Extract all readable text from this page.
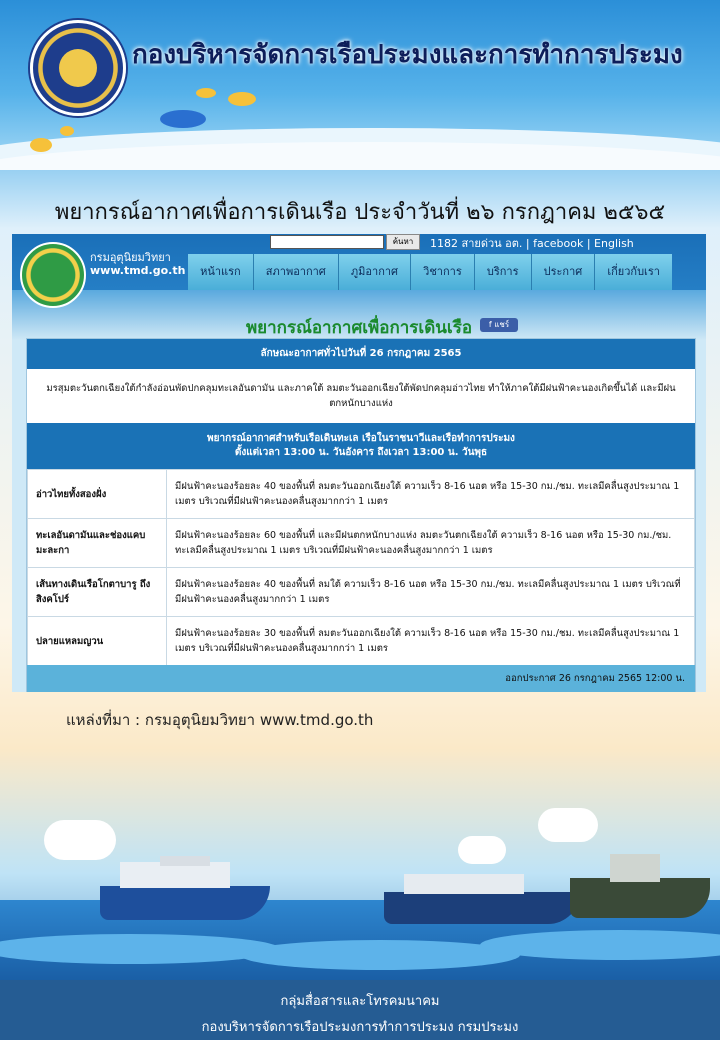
กองบริหารจัดการเรือประมงและการทำการประมง
พยากรณ์อากาศเพื่อการเดินเรือ ประจำวันที่ ๒๖ กรกฎาคม ๒๕๖๕
กรมอุตุนิยมวิทยา
www.tmd.go.th
ค้นหา	1182 สายด่วน อต. | facebook | English
หน้าแรก	สภาพอากาศ	ภูมิอากาศ	วิชาการ	บริการ	ประกาศ	เกี่ยวกับเรา
พยากรณ์อากาศเพื่อการเดินเรือ	f แชร์
ลักษณะอากาศทั่วไปวันที่ 26 กรกฎาคม 2565
มรสุมตะวันตกเฉียงใต้กำลังอ่อนพัดปกคลุมทะเลอันดามัน และภาคใต้ ลมตะวันออกเฉียงใต้พัดปกคลุมอ่าวไทย ทำให้ภาคใต้มีฝนฟ้าคะนองเกิดขึ้นได้ และมีฝนตกหนักบางแห่ง
พยากรณ์อากาศสำหรับเรือเดินทะเล เรือในราชนาวีและเรือทำการประมง
ตั้งแต่เวลา 13:00 น. วันอังคาร ถึงเวลา 13:00 น. วันพุธ
อ่าวไทยทั้งสองฝั่ง	มีฝนฟ้าคะนองร้อยละ 40 ของพื้นที่ ลมตะวันออกเฉียงใต้ ความเร็ว 8-16 นอต หรือ 15-30 กม./ชม. ทะเลมีคลื่นสูงประมาณ 1 เมตร บริเวณที่มีฝนฟ้าคะนองคลื่นสูงมากกว่า 1 เมตร
ทะเลอันดามันและช่องแคบมะละกา	มีฝนฟ้าคะนองร้อยละ 60 ของพื้นที่ และมีฝนตกหนักบางแห่ง ลมตะวันตกเฉียงใต้ ความเร็ว 8-16 นอต หรือ 15-30 กม./ชม. ทะเลมีคลื่นสูงประมาณ 1 เมตร บริเวณที่มีฝนฟ้าคะนองคลื่นสูงมากกว่า 1 เมตร
เส้นทางเดินเรือโกตาบารู ถึงสิงคโปร์	มีฝนฟ้าคะนองร้อยละ 40 ของพื้นที่ ลมใต้ ความเร็ว 8-16 นอต หรือ 15-30 กม./ชม. ทะเลมีคลื่นสูงประมาณ 1 เมตร บริเวณที่มีฝนฟ้าคะนองคลื่นสูงมากกว่า 1 เมตร
ปลายแหลมญวน	มีฝนฟ้าคะนองร้อยละ 30 ของพื้นที่ ลมตะวันออกเฉียงใต้ ความเร็ว 8-16 นอต หรือ 15-30 กม./ชม. ทะเลมีคลื่นสูงประมาณ 1 เมตร บริเวณที่มีฝนฟ้าคะนองคลื่นสูงมากกว่า 1 เมตร
ออกประกาศ 26 กรกฎาคม 2565 12:00 น.
แหล่งที่มา : กรมอุตุนิยมวิทยา www.tmd.go.th
กลุ่มสื่อสารและโทรคมนาคม
กองบริหารจัดการเรือประมงการทำการประมง กรมประมง
